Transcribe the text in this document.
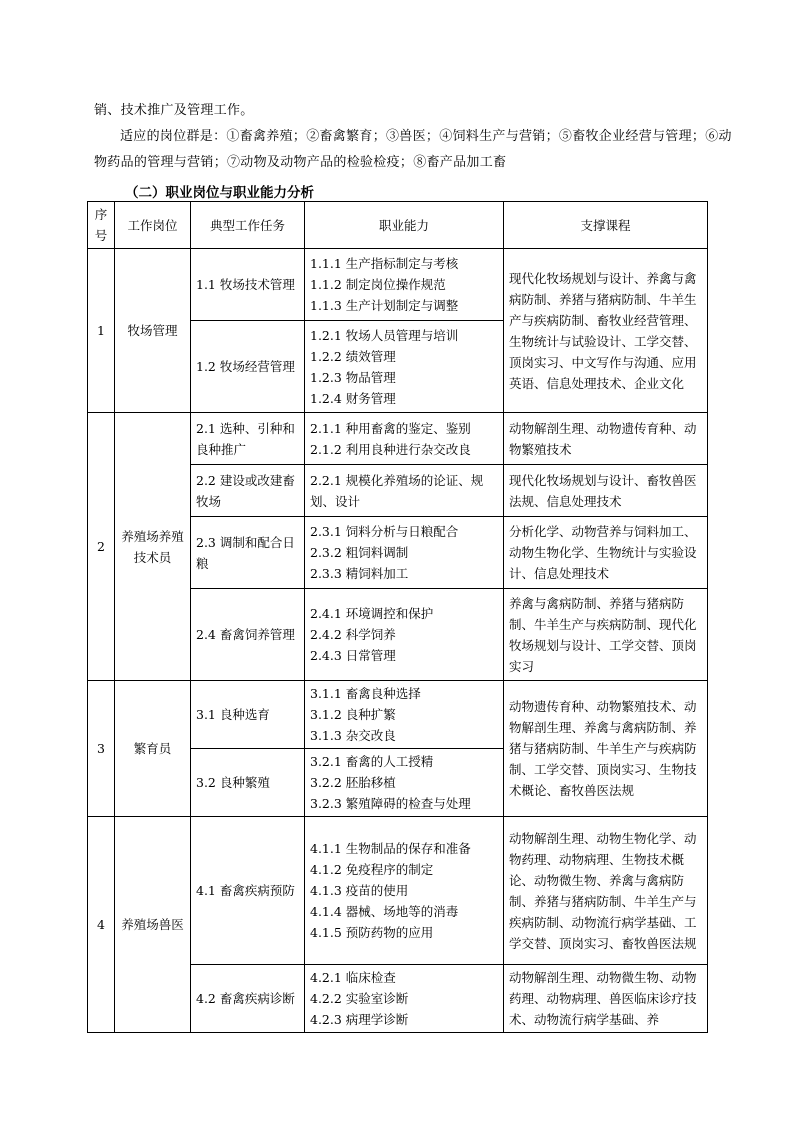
销、技术推广及管理工作。
适应的岗位群是：①畜禽养殖；②畜禽繁育；③兽医；④饲料生产与营销；⑤畜牧企业经营与管理；⑥动物药品的管理与营销；⑦动物及动物产品的检验检疫；⑧畜产品加工畜
（二）职业岗位与职业能力分析
序号	工作岗位	典型工作任务	职业能力	支撑课程
1	牧场管理	1.1 牧场技术管理	1.1.1 生产指标制定与考核
1.1.2 制定岗位操作规范
1.1.3 生产计划制定与调整	现代化牧场规划与设计、养禽与禽病防制、养猪与猪病防制、牛羊生产与疾病防制、畜牧业经营管理、生物统计与试验设计、工学交替、顶岗实习、中文写作与沟通、应用英语、信息处理技术、企业文化
		1.2 牧场经营管理	1.2.1 牧场人员管理与培训
1.2.2 绩效管理
1.2.3 物品管理
1.2.4 财务管理	

2	养殖场养殖技术员	2.1 选种、引种和良种推广	2.1.1 种用畜禽的鉴定、鉴别
2.1.2 利用良种进行杂交改良	动物解剖生理、动物遗传育种、动物繁殖技术
		2.2 建设或改建畜牧场	2.2.1 规模化养殖场的论证、规划、设计	现代化牧场规划与设计、畜牧兽医法规、信息处理技术
		2.3 调制和配合日粮	2.3.1 饲料分析与日粮配合
2.3.2 粗饲料调制
2.3.3 精饲料加工	分析化学、动物营养与饲料加工、动物生物化学、生物统计与实验设计、信息处理技术
		2.4 畜禽饲养管理	2.4.1 环境调控和保护
2.4.2 科学饲养
2.4.3 日常管理	养禽与禽病防制、养猪与猪病防制、牛羊生产与疾病防制、现代化牧场规划与设计、工学交替、顶岗实习
3	繁育员	3.1 良种选育	3.1.1 畜禽良种选择
3.1.2 良种扩繁
3.1.3 杂交改良	动物遗传育种、动物繁殖技术、动物解剖生理、养禽与禽病防制、养猪与猪病防制、牛羊生产与疾病防制、工学交替、顶岗实习、生物技术概论、畜牧兽医法规
		3.2 良种繁殖	3.2.1 畜禽的人工授精
3.2.2 胚胎移植
3.2.3 繁殖障碍的检查与处理	

4	养殖场兽医	4.1 畜禽疾病预防	4.1.1 生物制品的保存和准备
4.1.2 免疫程序的制定
4.1.3 疫苗的使用
4.1.4 器械、场地等的消毒
4.1.5 预防药物的应用	动物解剖生理、动物生物化学、动物药理、动物病理、生物技术概论、动物微生物、养禽与禽病防制、养猪与猪病防制、牛羊生产与疾病防制、动物流行病学基础、工学交替、顶岗实习、畜牧兽医法规
		4.2 畜禽疾病诊断	4.2.1 临床检查
4.2.2 实验室诊断
4.2.3 病理学诊断	动物解剖生理、动物微生物、动物药理、动物病理、兽医临床诊疗技术、动物流行病学基础、养
